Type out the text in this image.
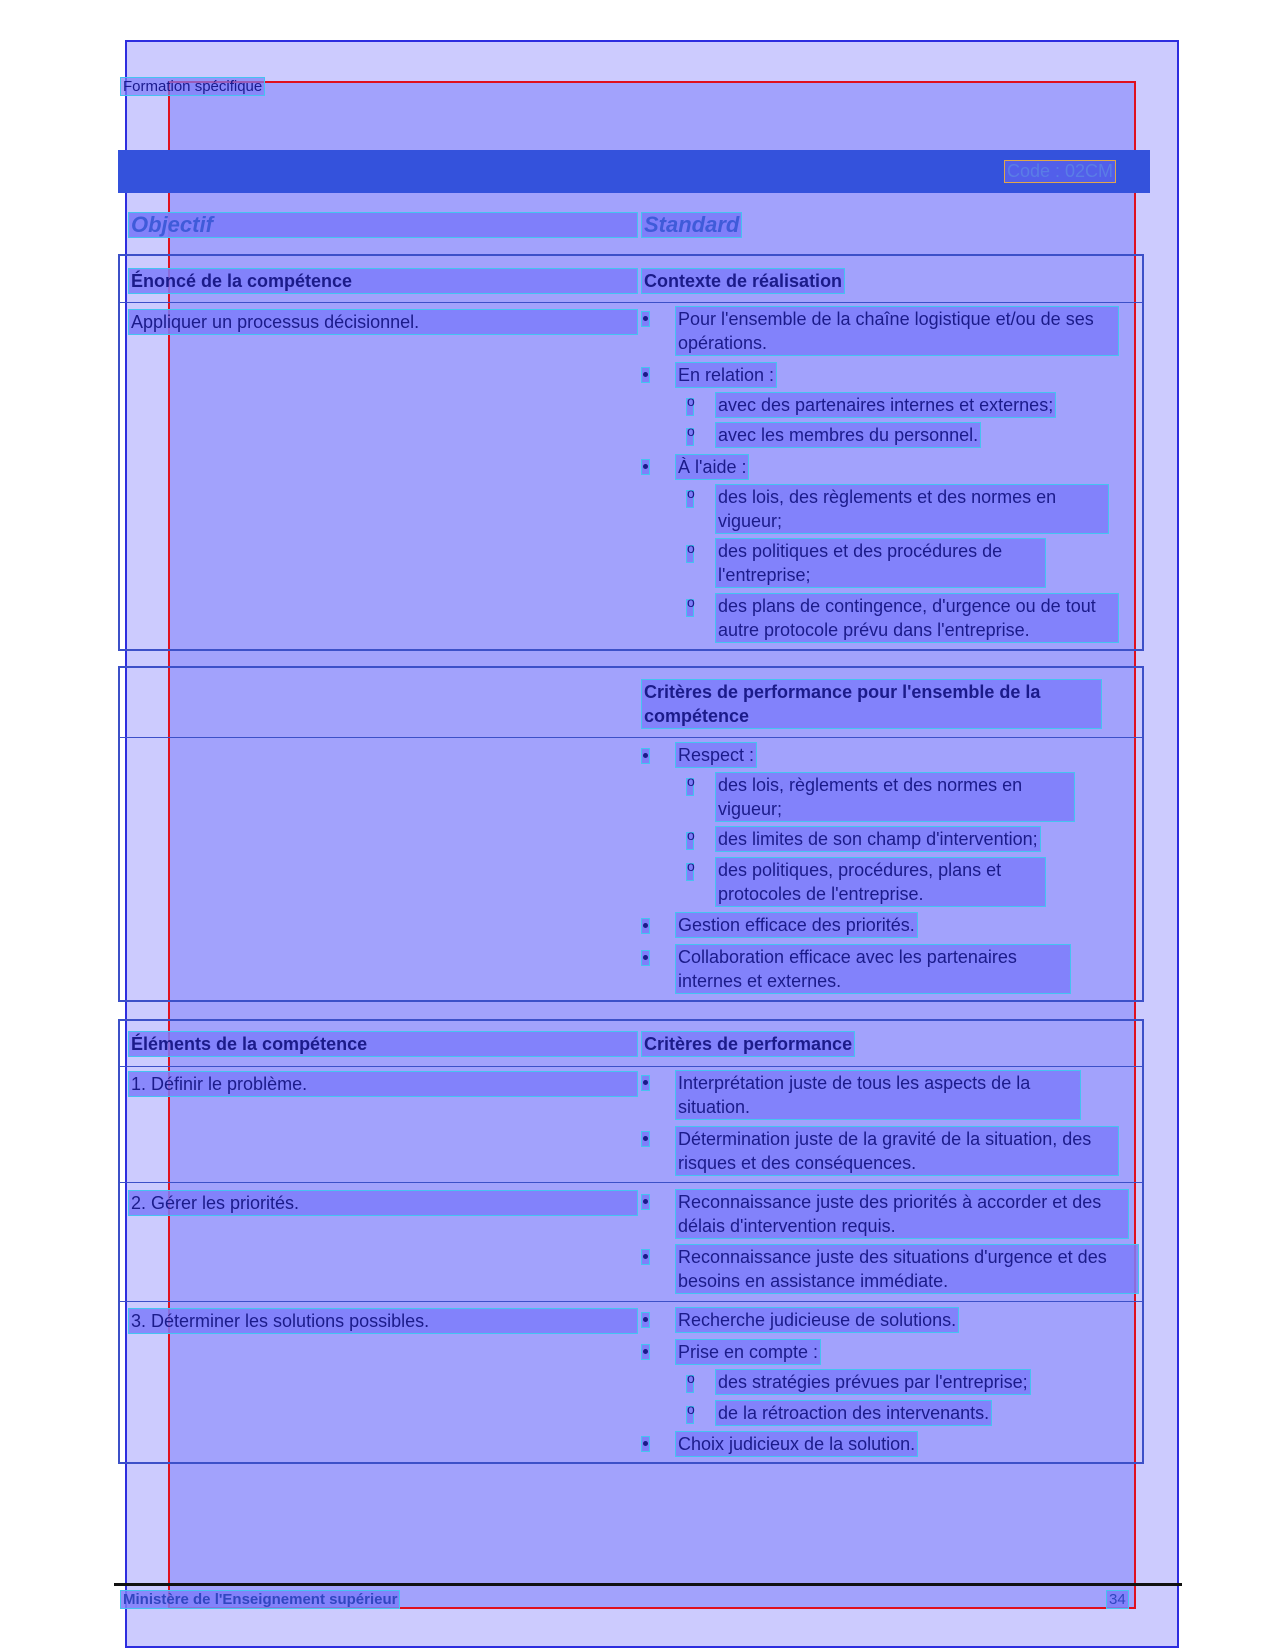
Formation spécifique
Code : 02CM
Objectif	Standard
Énoncé de la compétence	Contexte de réalisation
Appliquer un processus décisionnel.	Pour l'ensemble de la chaîne logistique et/ou de ses opérations.
En relation :
o
avec des partenaires internes et externes;
o
avec les membres du personnel.
À l'aide :
o
des lois, des règlements et des normes en vigueur;
o
des politiques et des procédures de l'entreprise;
o
des plans de contingence, d'urgence ou de tout autre protocole prévu dans l'entreprise.
Critères de performance pour l'ensemble de la compétence
Respect :
o
des lois, règlements et des normes en vigueur;
o
des limites de son champ d'intervention;
o
des politiques, procédures, plans et protocoles de l'entreprise.
Gestion efficace des priorités.
Collaboration efficace avec les partenaires internes et externes.
Éléments de la compétence	Critères de performance
1. Définir le problème.	Interprétation juste de tous les aspects de la situation.
Détermination juste de la gravité de la situation, des risques et des conséquences.
2. Gérer les priorités.	Reconnaissance juste des priorités à accorder et des délais d'intervention requis.
Reconnaissance juste des situations d'urgence et des besoins en assistance immédiate.
3. Déterminer les solutions possibles.	Recherche judicieuse de solutions.
Prise en compte :
o
des stratégies prévues par l'entreprise;
o
de la rétroaction des intervenants.
Choix judicieux de la solution.
Ministère de l'Enseignement supérieur	34
